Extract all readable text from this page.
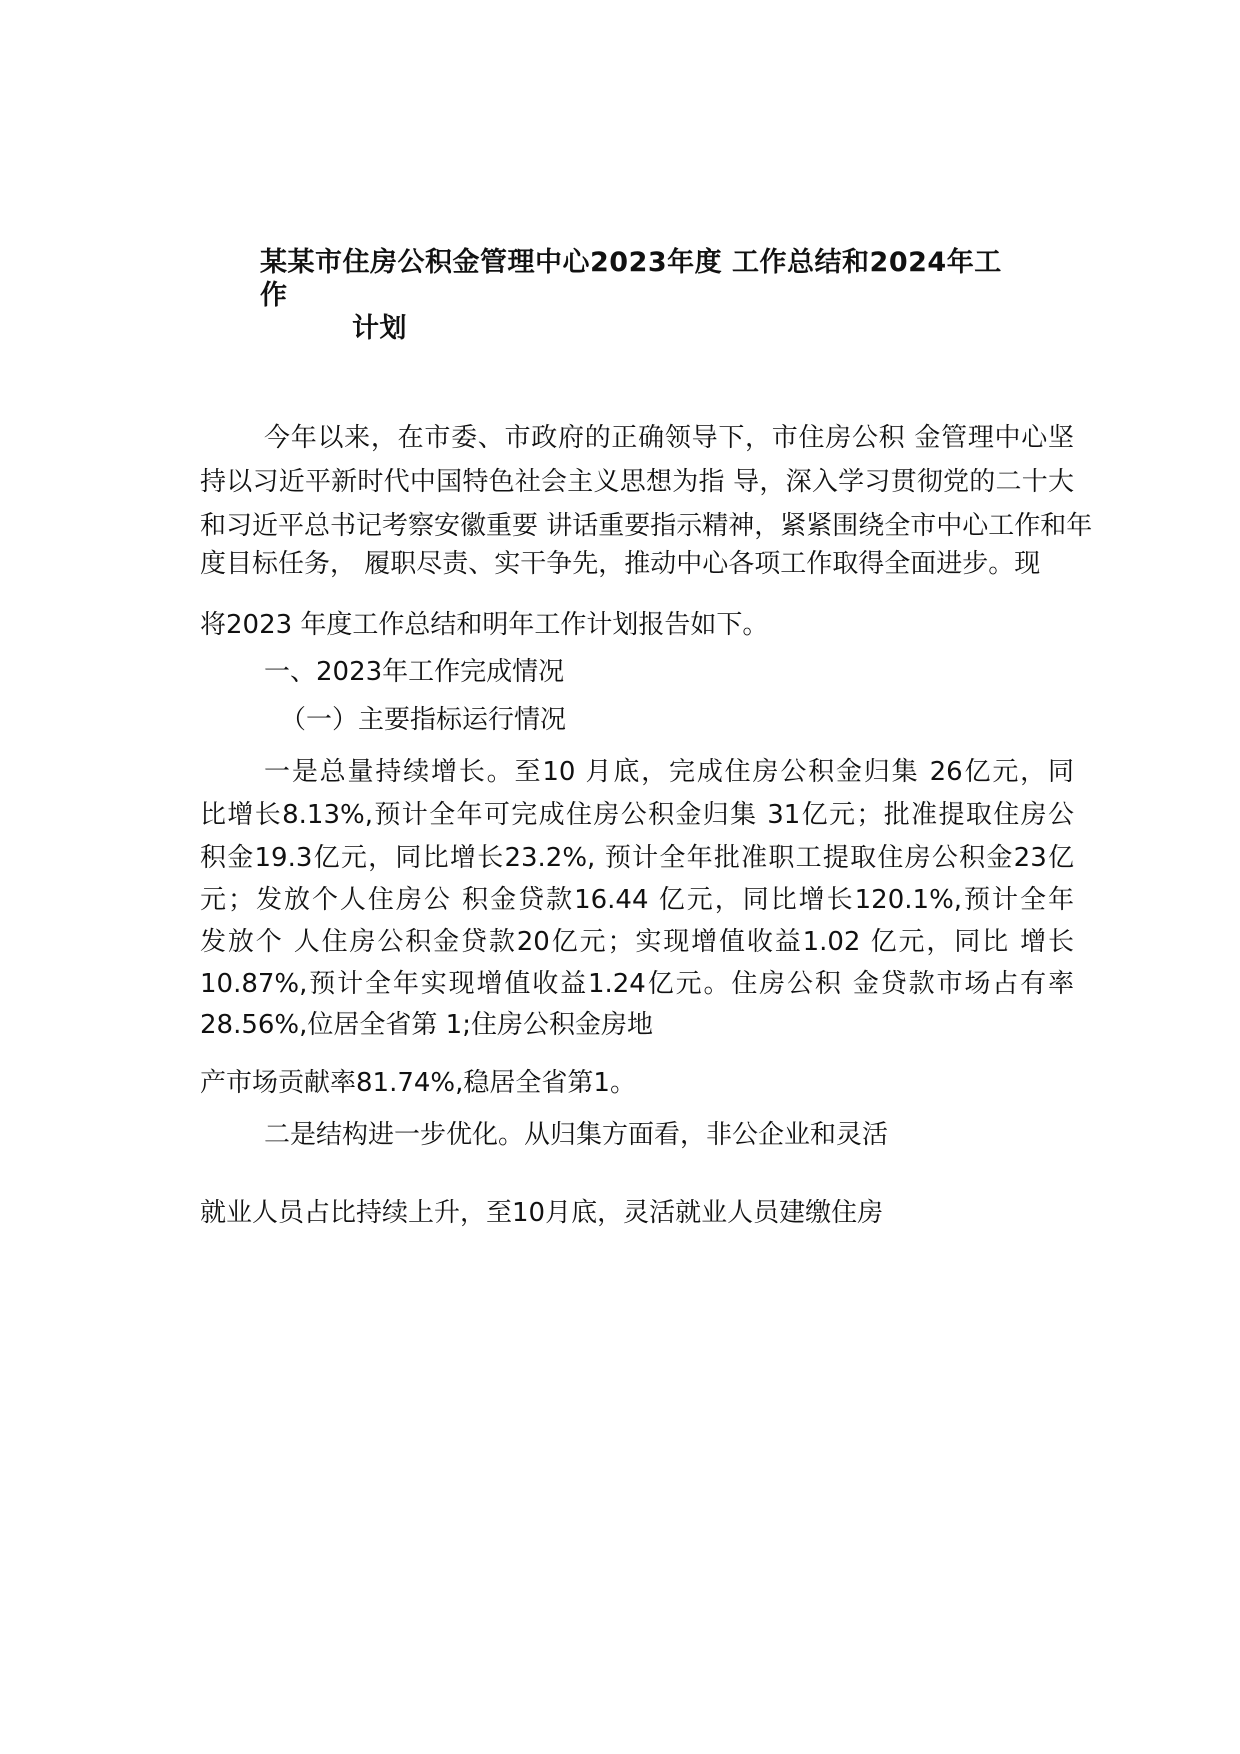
某某市住房公积金管理中心2023年度 工作总结和2024年工作
计划
今年以来，在市委、市政府的正确领导下，市住房公积 金管理中心坚
持以习近平新时代中国特色社会主义思想为指 导，深入学习贯彻党的二十大
和习近平总书记考察安徽重要 讲话重要指示精神，紧紧围绕全市中心工作和年
度目标任务， 履职尽责、实干争先，推动中心各项工作取得全面进步。现
将2023 年度工作总结和明年工作计划报告如下。
一、2023年工作完成情况
（一）主要指标运行情况
一是总量持续增长。至10 月底，完成住房公积金归集 26亿元，同
比增长8.13%,预计全年可完成住房公积金归集 31亿元；批准提取住房公
积金19.3亿元，同比增长23.2%, 预计全年批准职工提取住房公积金23亿
元；发放个人住房公 积金贷款16.44 亿元，同比增长120.1%,预计全年
发放个 人住房公积金贷款20亿元；实现增值收益1.02 亿元，同比 增长
10.87%,预计全年实现增值收益1.24亿元。住房公积 金贷款市场占有率
28.56%,位居全省第 1;住房公积金房地
产市场贡献率81.74%,稳居全省第1。
二是结构进一步优化。从归集方面看，非公企业和灵活
就业人员占比持续上升，至10月底，灵活就业人员建缴住房
